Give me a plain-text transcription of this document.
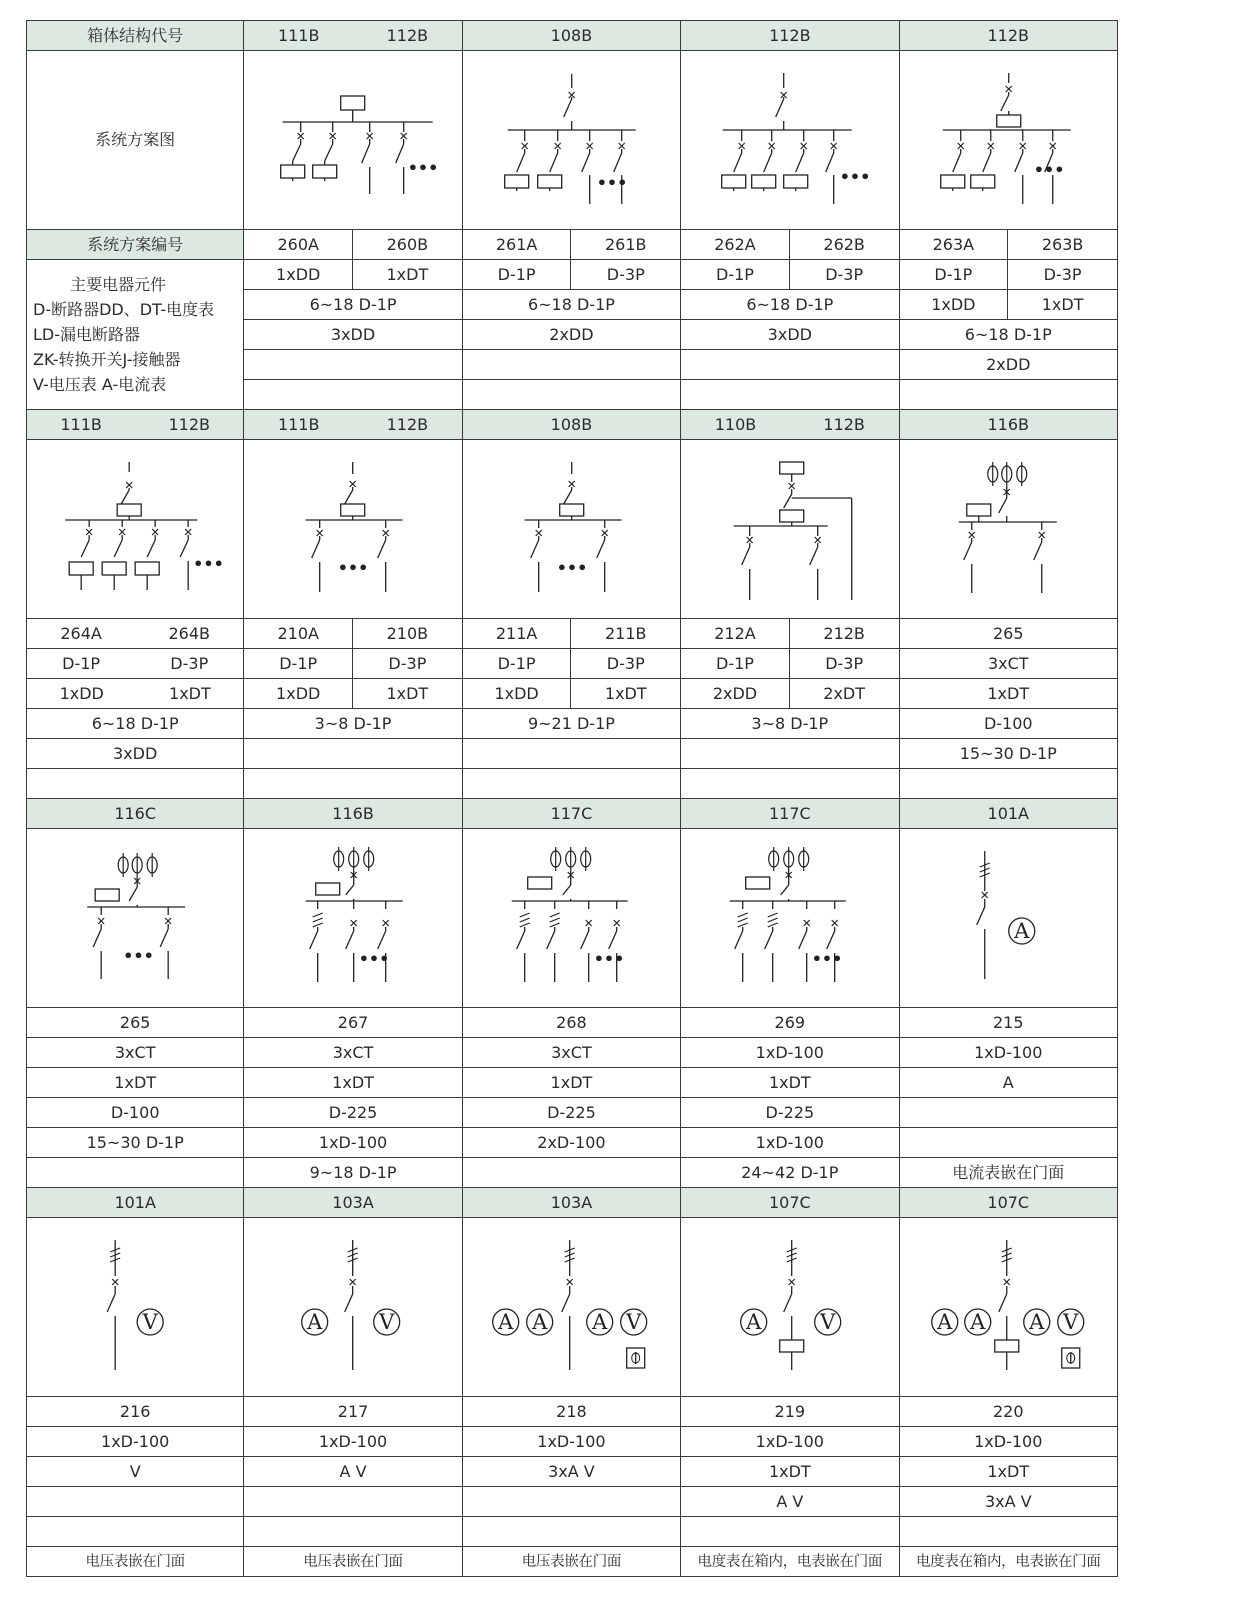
箱体结构代号	111B 112B		108B		112B		112B	
系统方案图	•••		•••		•••		•••	

系统方案编号	260A	260B	261A	261B	262A	262B	263A	263B

主要电器元件
D-断路器DD、DT-电度表
LD-漏电断路器
ZK-转换开关J-接触器
V-电压表 A-电流表	1xDD	1xDT	D-1P	D-3P	D-1P	D-3P	D-1P	D-3P
	6~18 D-1P		6~18 D-1P		6~18 D-1P		1xDD	1xDT
	3xDD		2xDD		3xDD		6~18 D-1P	
							2xDD	

111B 112B	111B 112B		108B		110B 112B		116B	

•••	•••		•••

264A 264B	210A	210B	211A	211B	212A	212B	265	

D-1P D-3P	D-1P	D-3P	D-1P	D-3P	D-1P	D-3P	3xCT	

1xDD 1xDT	1xDD	1xDT	1xDD	1xDT	2xDD	2xDT	1xDT	
6~18 D-1P	3~8 D-1P		9~21 D-1P		3~8 D-1P		D-100	
3xDD							15~30 D-1P	

116C	116B		117C		117C		101A	

•••	•••		•••		•••		A	

265	267		268		269		215	
3xCT	3xCT		3xCT		1xD-100		1xD-100	
1xDT	1xDT		1xDT		1xDT		A	
D-100	D-225		D-225		D-225			
15~30 D-1P	1xD-100		2xD-100		1xD-100			
	9~18 D-1P				24~42 D-1P		电流表嵌在门面	
101A	103A		103A		107C		107C	

V	A V		A A A V		A V		A A A V	

216	217		218		219		220	
1xD-100	1xD-100		1xD-100		1xD-100		1xD-100	
V	A V		3xA V		1xDT		1xDT	
					A V		3xA V	

电压表嵌在门面	电压表嵌在门面		电压表嵌在门面		电度表在箱内，电表嵌在门面		电度表在箱内，电表嵌在门面	
